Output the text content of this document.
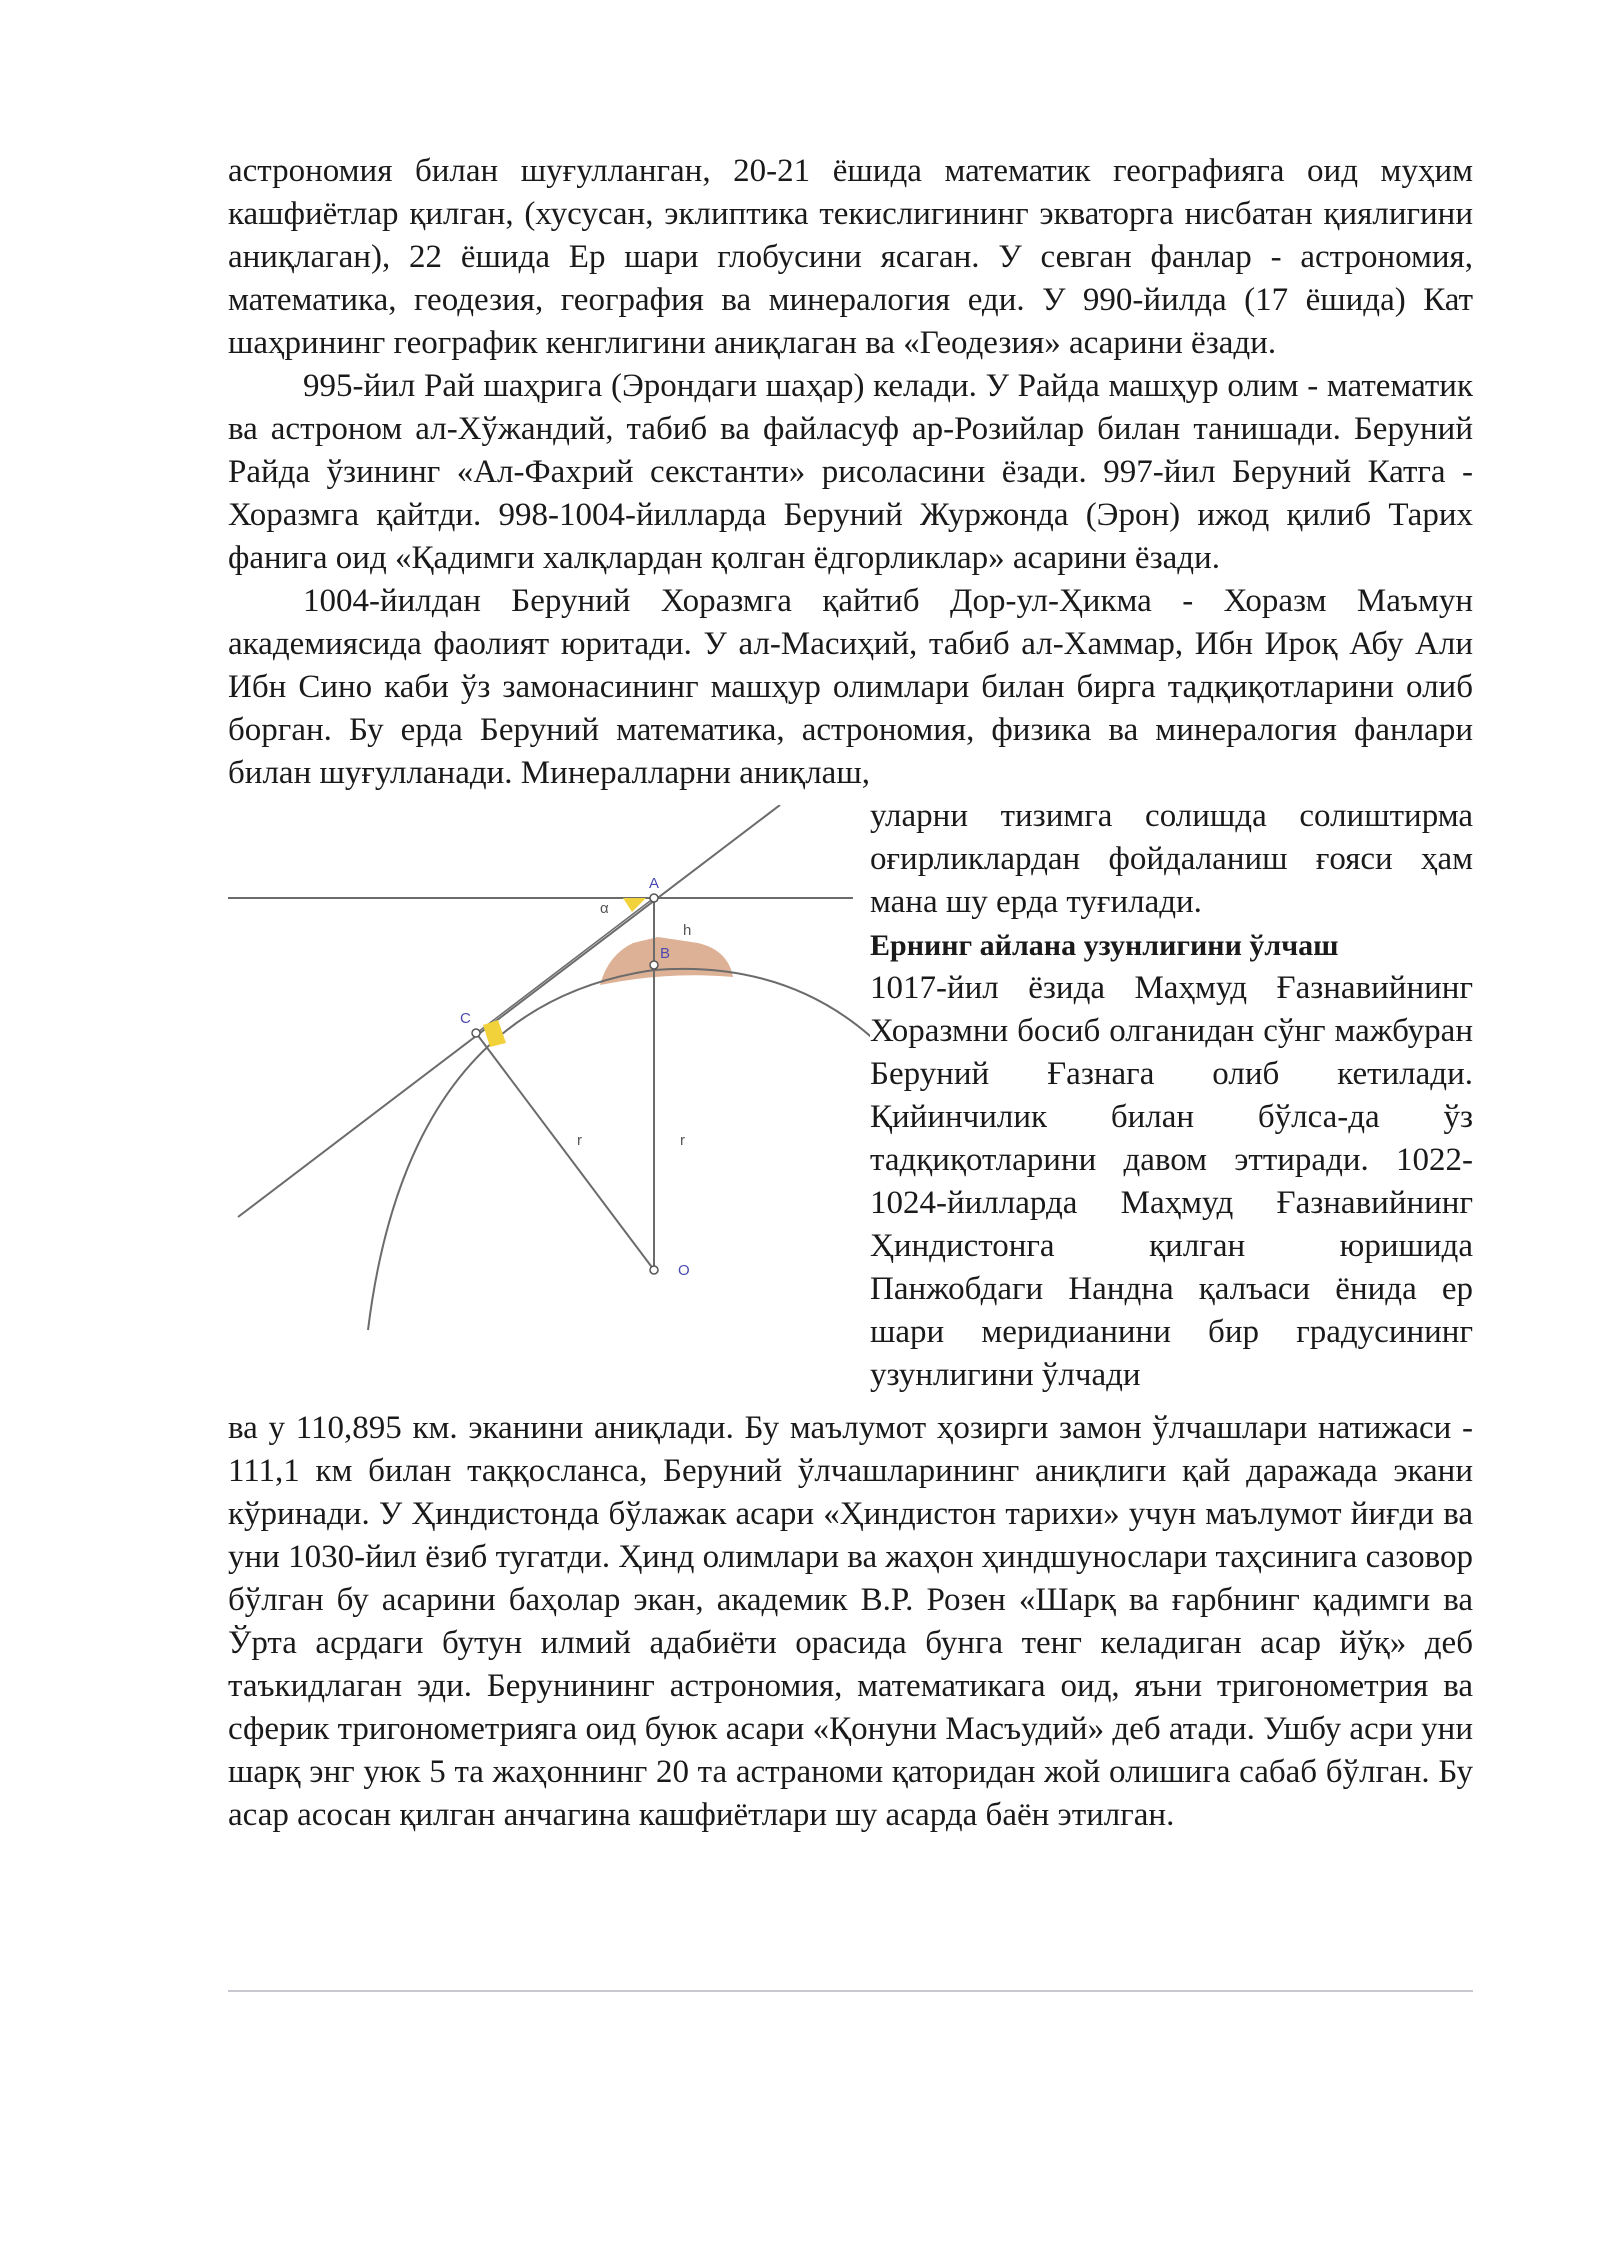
астрономия билан шуғулланган, 20-21 ёшида математик географияга оид муҳим кашфиётлар қилган, (хусусан, эклиптика текислигининг экваторга нисбатан қиялигини аниқлаган), 22 ёшида Ер шари глобусини ясаган. У севган фанлар - астрономия, математика, геодезия, география ва минералогия еди. У 990-йилда (17 ёшида) Кат шаҳрининг географик кенглигини аниқлаган ва «Геодезия» асарини ёзади.

995-йил Рай шаҳрига (Эрондаги шаҳар) келади. У Райда машҳур олим - математик ва астроном ал-Хўжандий, табиб ва файласуф ар-Розийлар билан танишади. Беруний Райда ўзининг «Ал-Фахрий секстанти» рисоласини ёзади. 997-йил Беруний Катга - Хоразмга қайтди. 998-1004-йилларда Беруний Журжонда (Эрон) ижод қилиб Тарих фанига оид «Қадимги халқлардан қолган ёдгорликлар» асарини ёзади.

1004-йилдан Беруний Хоразмга қайтиб Дор-ул-Ҳикма - Хоразм Маъмун академиясида фаолият юритади. У ал-Масиҳий, табиб ал-Хаммар, Ибн Ироқ Абу Али Ибн Сино каби ўз замонасининг машҳур олимлари билан бирга тадқиқотларини олиб борган. Бу ерда Беруний математика, астрономия, физика ва минералогия фанлари билан шуғулланади. Минералларни аниқлаш,

A
B
C
O
α
h
r	r

уларни тизимга солишда солиштирма оғирликлардан фойдаланиш ғояси ҳам мана шу ерда туғилади.

Ернинг айлана узунлигини ўлчаш

1017-йил ёзида Маҳмуд Ғазнавийнинг Хоразмни босиб олганидан сўнг мажбуран Беруний Ғазнага олиб кетилади. Қийинчилик билан бўлса-да ўз тадқиқотларини давом эттиради. 1022-1024-йилларда Маҳмуд Ғазнавийнинг Ҳиндистонга қилган юришида Панжобдаги Нандна қалъаси ёнида ер шари меридианини бир градусининг узунлигини ўлчади

ва у 110,895 км. эканини аниқлади. Бу маълумот ҳозирги замон ўлчашлари натижаси - 111,1 км билан таққосланса, Беруний ўлчашларининг аниқлиги қай даражада экани кўринади. У Ҳиндистонда бўлажак асари «Ҳиндистон тарихи» учун маълумот йиғди ва уни 1030-йил ёзиб тугатди. Ҳинд олимлари ва жаҳон ҳиндшунослари таҳсинига сазовор бўлган бу асарини баҳолар экан, академик В.Р. Розен «Шарқ ва ғарбнинг қадимги ва Ўрта асрдаги бутун илмий адабиёти орасида бунга тенг келадиган асар йўқ» деб таъкидлаган эди. Берунининг астрономия, математикага оид, яъни тригонометрия ва сферик тригонометрияга оид буюк асари «Қонуни Масъудий» деб атади. Ушбу асри уни шарқ энг уюк 5 та жаҳоннинг 20 та астраноми қаторидан жой олишига сабаб бўлган. Бу асар асосан қилган анчагина кашфиётлари шу асарда баён этилган.
